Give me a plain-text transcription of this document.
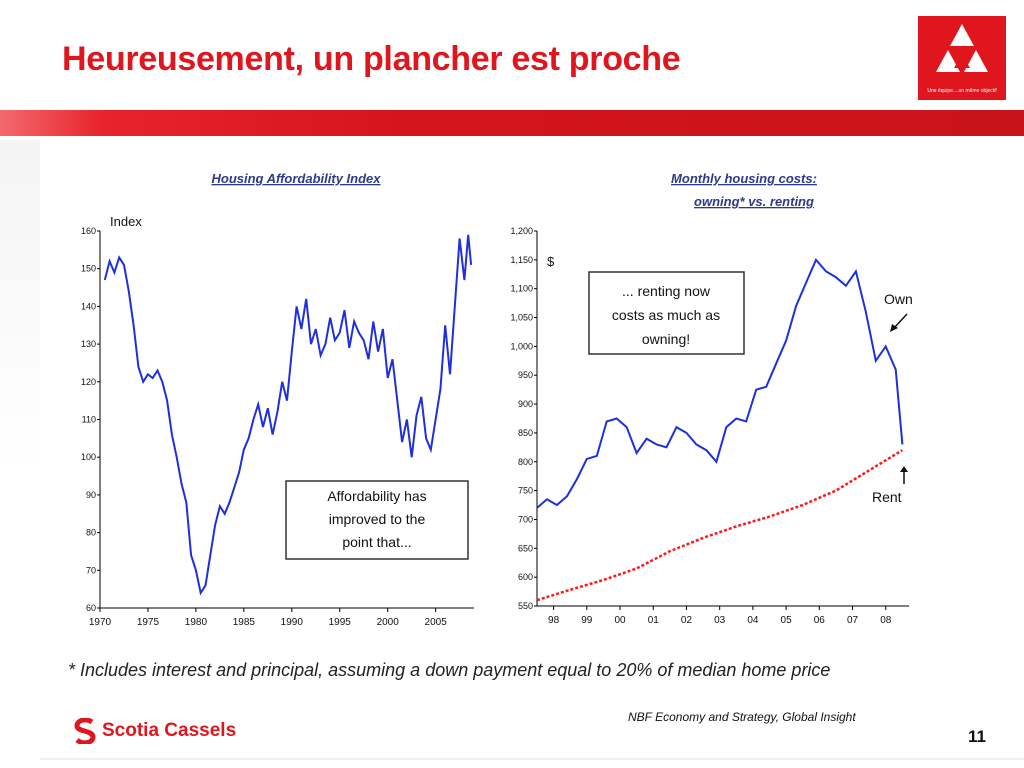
Heureusement, un plancher est proche
Une équipe....un même objectif
Housing Affordability Index
Index
60
70
80
90
100
110
120
130
140
150
160
1970	1975	1980	1985	1990	1995	2000	2005
Affordability has
improved to the
point that...
Monthly housing costs:
owning* vs. renting
$
550
600
650
700
750
800
850
900
950
1,000
1,050
1,100
1,150
1,200
98 99 00 01 02 03 04 05 06 07 08
... renting now
costs as much as
owning!
Own
Rent
* Includes interest and principal, assuming a down payment equal to 20% of median home price
NBF Economy and Strategy, Global Insight
Scotia Cassels	11
